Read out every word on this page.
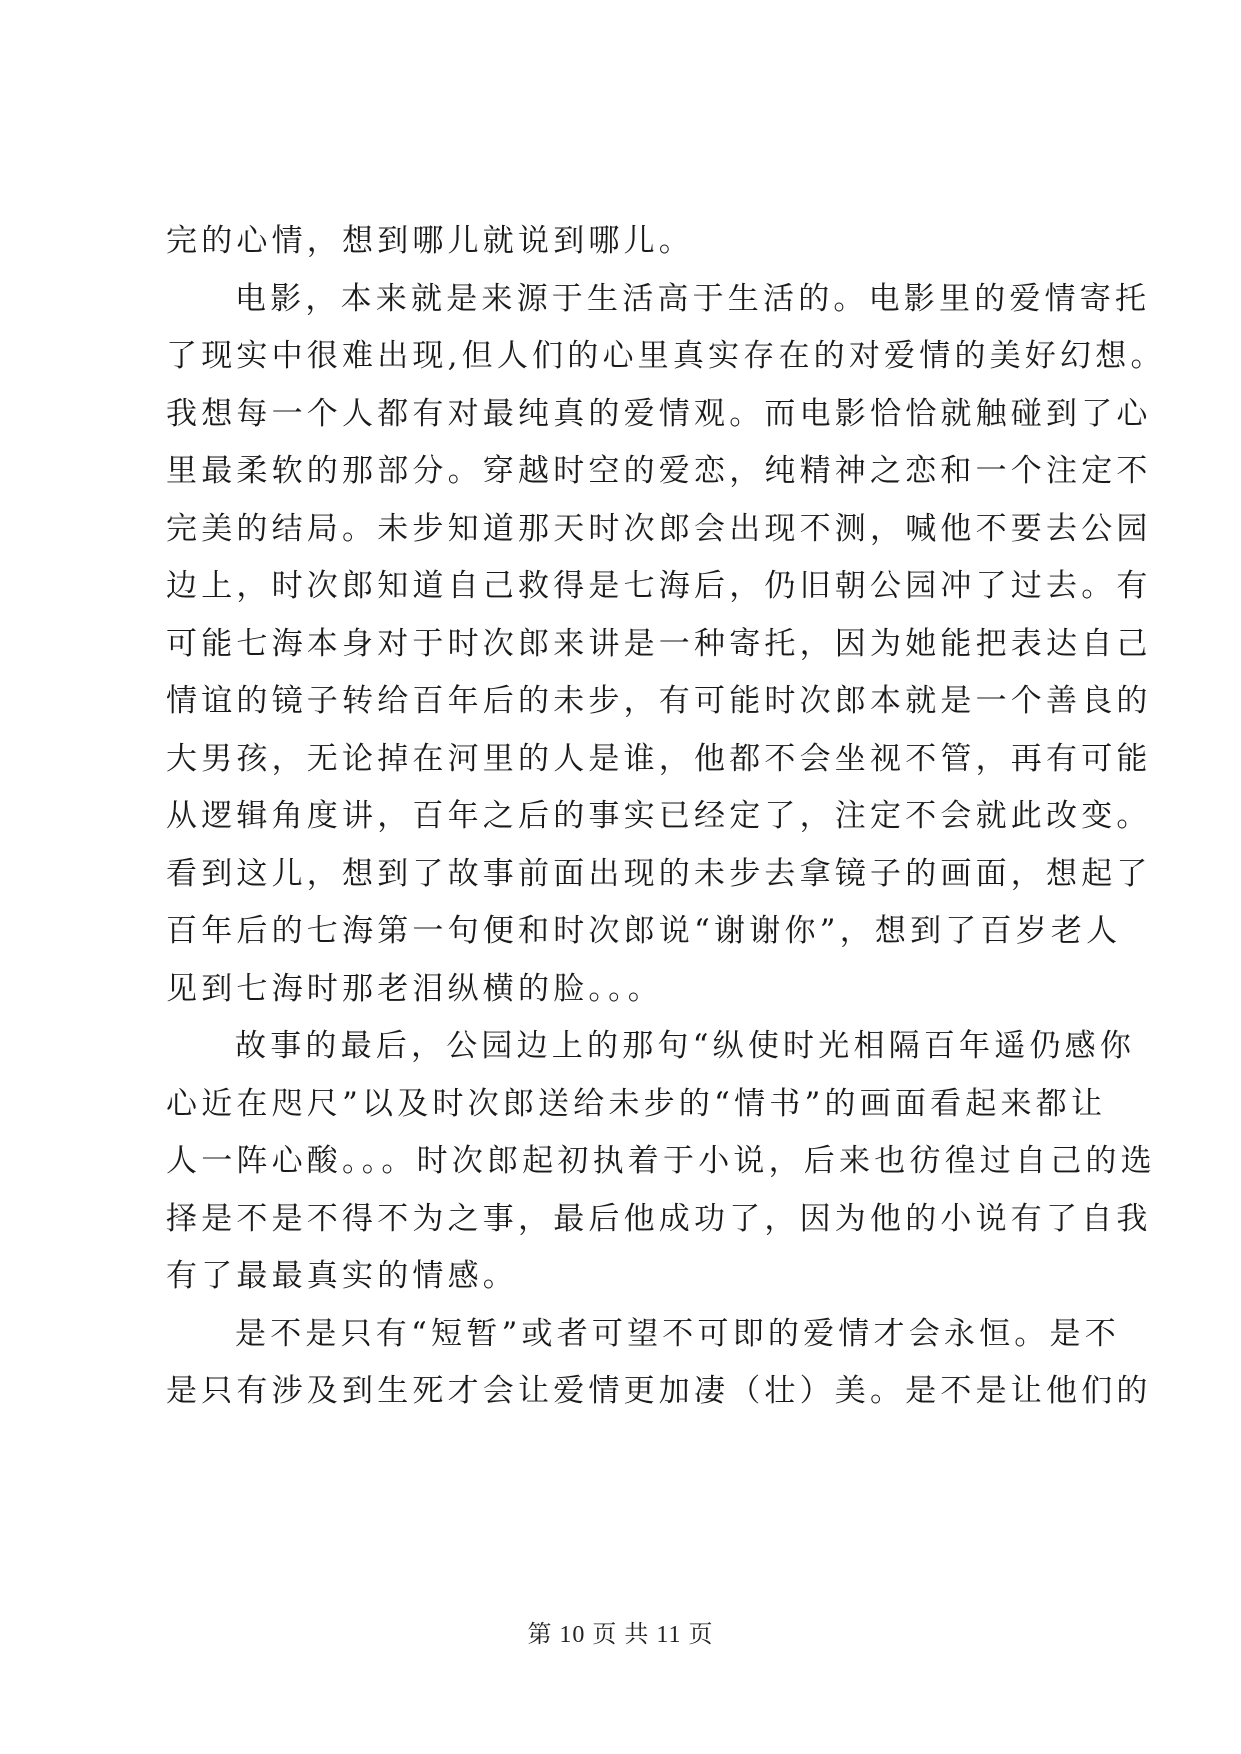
完的心情，想到哪儿就说到哪儿。
电影，本来就是来源于生活高于生活的。电影里的爱情寄托
了现实中很难出现,但人们的心里真实存在的对爱情的美好幻想。
我想每一个人都有对最纯真的爱情观。而电影恰恰就触碰到了心
里最柔软的那部分。穿越时空的爱恋，纯精神之恋和一个注定不
完美的结局。未步知道那天时次郎会出现不测，喊他不要去公园
边上，时次郎知道自己救得是七海后，仍旧朝公园冲了过去。有
可能七海本身对于时次郎来讲是一种寄托，因为她能把表达自己
情谊的镜子转给百年后的未步，有可能时次郎本就是一个善良的
大男孩，无论掉在河里的人是谁，他都不会坐视不管，再有可能
从逻辑角度讲，百年之后的事实已经定了，注定不会就此改变。
看到这儿，想到了故事前面出现的未步去拿镜子的画面，想起了
百年后的七海第一句便和时次郎说“谢谢你”，想到了百岁老人
见到七海时那老泪纵横的脸。。。
故事的最后，公园边上的那句“纵使时光相隔百年遥仍感你
心近在咫尺”以及时次郎送给未步的“情书”的画面看起来都让
人一阵心酸。。。时次郎起初执着于小说，后来也彷徨过自己的选
择是不是不得不为之事，最后他成功了，因为他的小说有了自我
有了最最真实的情感。
是不是只有“短暂”或者可望不可即的爱情才会永恒。是不
是只有涉及到生死才会让爱情更加凄（壮）美。是不是让他们的
第 10 页 共 11 页
